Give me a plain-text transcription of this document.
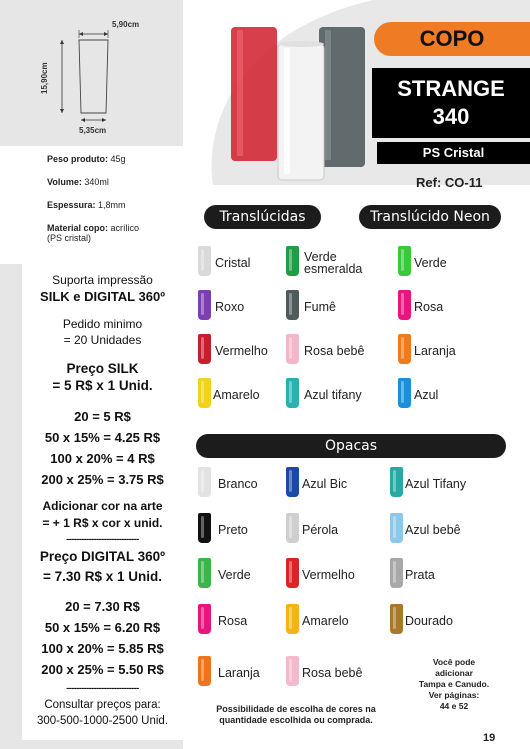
5,90cm
15,90cm
5,35cm
Peso produto: 45g
Volume: 340ml
Espessura: 1,8mm
Material copo: acrílico
(PS cristal)
Suporta impressão
SILK e DIGITAL 360º
Pedido minimo
= 20 Unidades
Preço SILK
= 5 R$ x 1 Unid.
20 = 5 R$
50 x 15% = 4.25 R$
100 x 20% = 4 R$
200 x 25% = 3.75 R$
Adicionar cor na arte
= + 1 R$ x cor x unid.
-----------------------------
Preço DIGITAL 360º
= 7.30 R$ x 1 Unid.
20 = 7.30 R$
50 x 15% = 6.20 R$
100 x 20% = 5.85 R$
200 x 25% = 5.50 R$
-----------------------------
Consultar preços para:
300-500-1000-2500 Unid.
COPO
STRANGE
340
PS Cristal
Ref: CO-11
Translúcidas	Translúcido Neon
Opacas
Cristal
Roxo
Vermelho
Amarelo
Verde
esmeralda
Fumê
Rosa bebê
Azul tifany
Verde
Rosa
Laranja
Azul
Branco
Preto
Verde
Rosa
Laranja
Azul Bic
Pérola
Vermelho
Amarelo
Rosa bebê
Azul Tifany
Azul bebê
Prata
Dourado
Possibilidade de escolha de cores na
quantidade escolhida ou comprada.
Você pode
adicionar
Tampa e Canudo.
Ver páginas:
44 e 52
19
